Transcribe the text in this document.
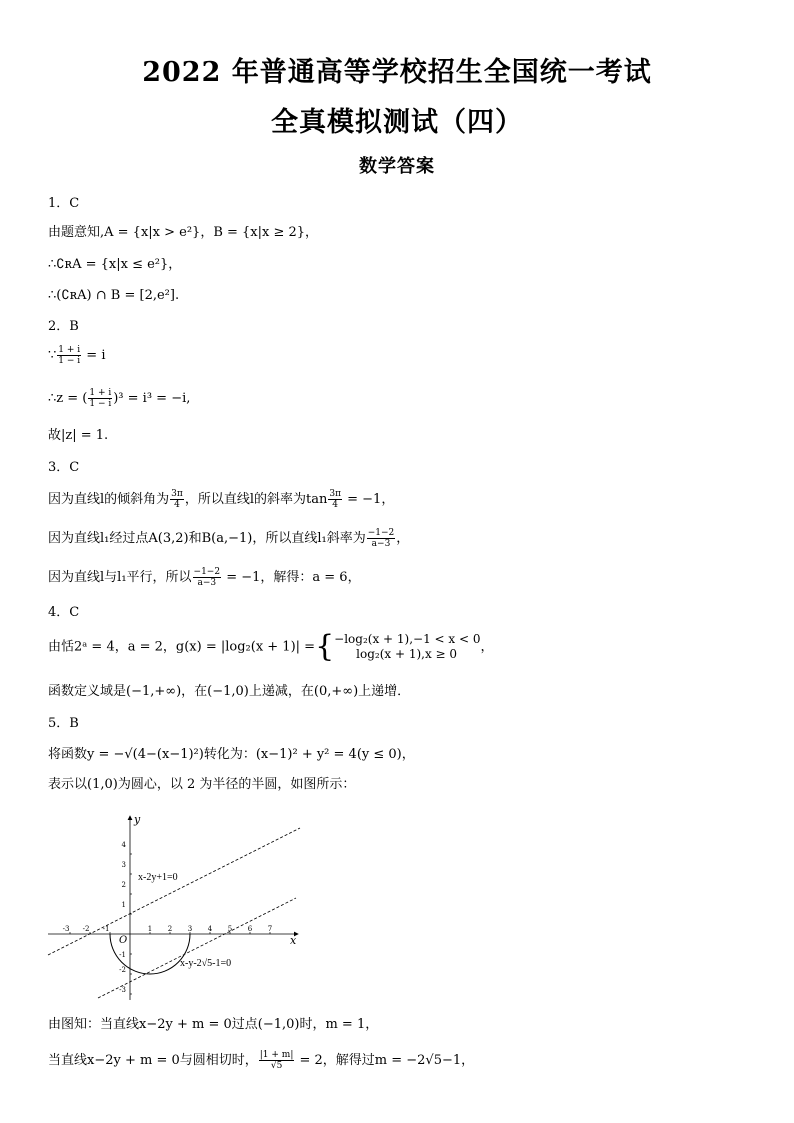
2022 年普通高等学校招生全国统一考试
全真模拟测试（四）
数学答案
1．C
由题意知,A = {x|x > e²}，B = {x|x ≥ 2}，
∴∁ʀA = {x|x ≤ e²}，
∴(∁ʀA) ∩ B = [2,e²].
2．B
∵ $\frac{1 + i}{1 - i} = i$
∴z = ( $\frac{1 + i}{1 - i} )^3 = i^3 = -i$,
故|z| = 1.
3．C
因为直线l的倾斜角为 $\frac{3\pi}{4}$ ，所以直线l的斜率为$\tan \frac{3\pi}{4} = -1$，
因为直线l₁经过点A(3,2)和B(a,−1)，所以直线l₁斜率为 $\frac{-1-2}{a-3}$ ，
因为直线l与l₁平行，所以 $\frac{-1-2}{a-3} = -1$，解得：a = 6，
4．C
由恬2ᵃ = 4，a = 2，g(x) = |log₂(x + 1)| ={ −log₂(x + 1),−1 < x < 0
log₂(x + 1),x ≥ 0	，
函数定义域是(−1,+∞)，在(−1,0)上递减，在(0,+∞)上递增．
5．B
将函数y = −√(4−(x−1)²)转化为：(x−1)² + y² = 4(y ≤ 0)，
表示以(1,0)为圆心，以 2 为半径的半圆，如图所示：
-3 -2 -1	1 2 3 4 5 6 7
4
3
2
1
-1
-2
-3
x
y
O
x-2y+1=0
x-y-2√5-1=0
由图知：当直线x−2y + m = 0过点(−1,0)时，m = 1，
当直线x−2y + m = 0与圆相切时， $\frac{|1 + m|}{√5} = 2$，解得过m = −2√5−1，
